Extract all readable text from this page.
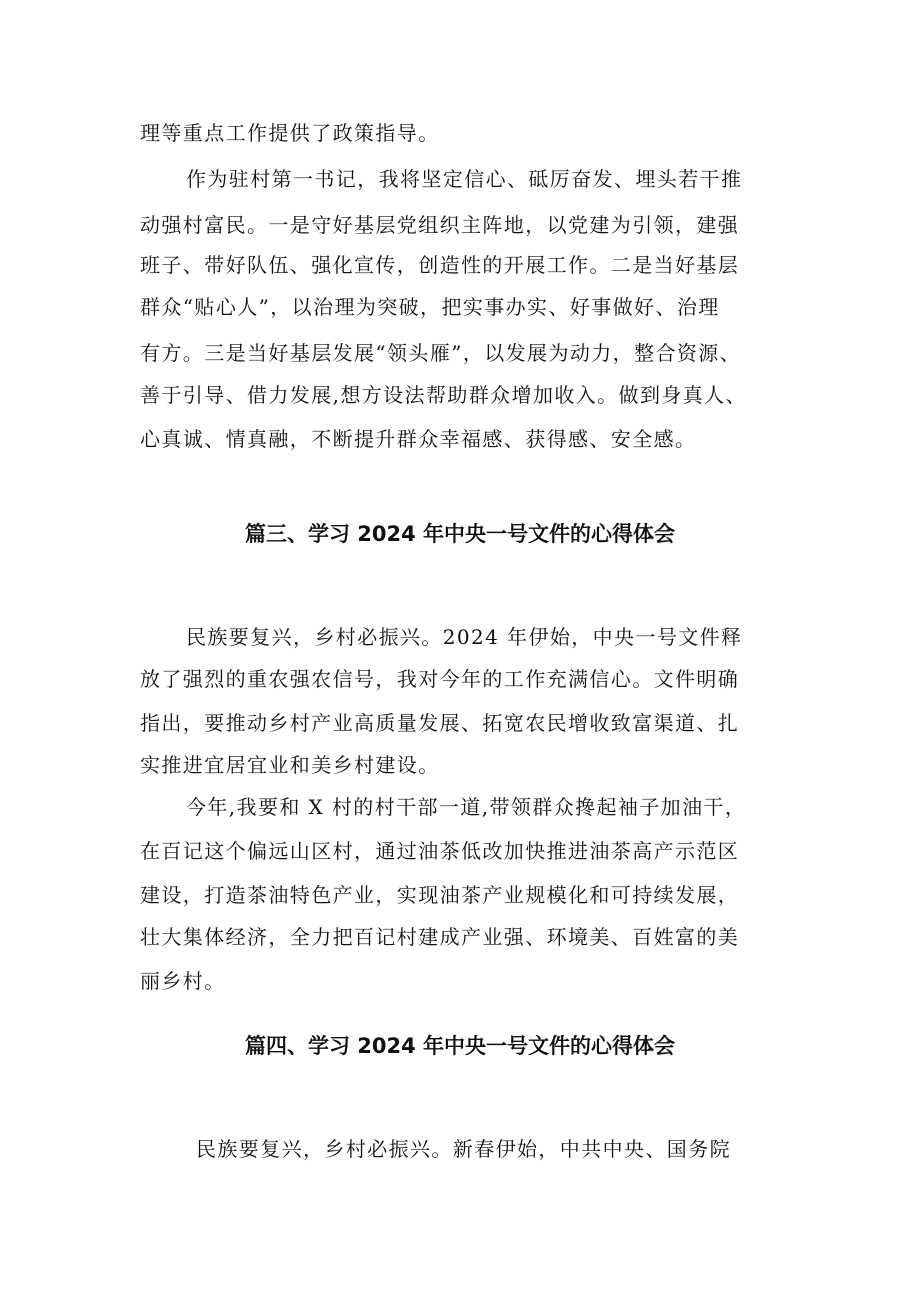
理等重点工作提供了政策指导。
作为驻村第一书记，我将坚定信心、砥厉奋发、埋头若干推
动强村富民。一是守好基层党组织主阵地，以党建为引领，建强
班子、带好队伍、强化宣传，创造性的开展工作。二是当好基层
群众“贴心人”，以治理为突破，把实事办实、好事做好、治理
有方。三是当好基层发展“领头雁”，以发展为动力，整合资源、
善于引导、借力发展,想方设法帮助群众增加收入。做到身真人、
心真诚、情真融，不断提升群众幸福感、获得感、安全感。
篇三、学习 2024 年中央一号文件的心得体会
民族要复兴，乡村必振兴。2024 年伊始，中央一号文件释
放了强烈的重农强农信号，我对今年的工作充满信心。文件明确
指出，要推动乡村产业高质量发展、拓宽农民增收致富渠道、扎
实推进宜居宜业和美乡村建设。
今年,我要和 X 村的村干部一道,带领群众搀起袖子加油干，
在百记这个偏远山区村，通过油茶低改加快推进油茶高产示范区
建设，打造茶油特色产业，实现油茶产业规模化和可持续发展，
壮大集体经济，全力把百记村建成产业强、环境美、百姓富的美
丽乡村。
篇四、学习 2024 年中央一号文件的心得体会
民族要复兴，乡村必振兴。新春伊始，中共中央、国务院
